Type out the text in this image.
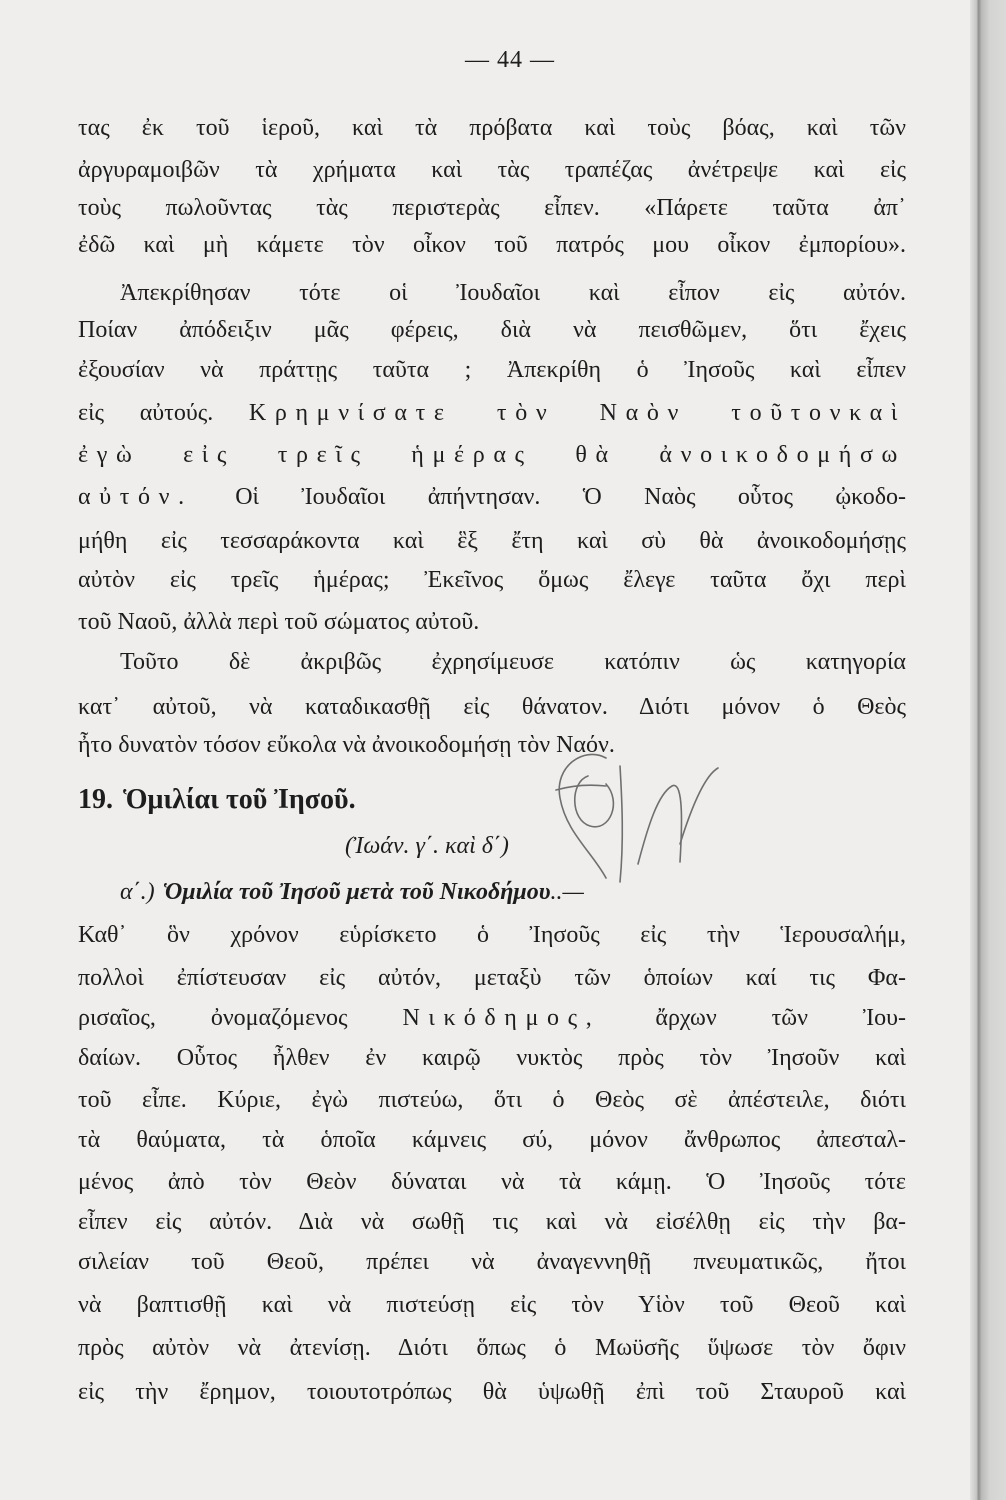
— 44 —
τας ἐκ τοῦ ἱεροῦ, καὶ τὰ πρόβατα καὶ τοὺς βόας, καὶ τῶν
ἀργυραμοιβῶν τὰ χρήματα καὶ τὰς τραπέζας ἀνέτρεψε καὶ εἰς
τοὺς πωλοῦντας τὰς περιστερὰς εἶπεν. «Πάρετε ταῦτα ἀπ᾽
ἐδῶ καὶ μὴ κάμετε τὸν οἶκον τοῦ πατρός μου οἶκον ἐμπορίου».
Ἀπεκρίθησαν τότε οἱ Ἰουδαῖοι καὶ εἶπον εἰς αὐτόν.
Ποίαν ἀπόδειξιν μᾶς φέρεις, διὰ νὰ πεισθῶμεν, ὅτι ἔχεις
ἐξουσίαν νὰ πράττῃς ταῦτα ; Ἀπεκρίθη ὁ Ἰησοῦς καὶ εἶπεν
εἰς αὐτούς. Κρημνίσατε τὸν Ναὸν τοῦτονκαὶ
ἐγὼ εἰς τρεῖς ἡμέρας θὰ ἀνοικοδομήσω
αὐτόν. Οἱ Ἰουδαῖοι ἀπήντησαν. Ὁ Ναὸς οὗτος ᾠκοδο-
μήθη εἰς τεσσαράκοντα καὶ ἓξ ἔτη καὶ σὺ θὰ ἀνοικοδομήσῃς
αὐτὸν εἰς τρεῖς ἡμέρας; Ἐκεῖνος ὅμως ἔλεγε ταῦτα ὄχι περὶ
τοῦ Ναοῦ, ἀλλὰ περὶ τοῦ σώματος αὐτοῦ.
Τοῦτο δὲ ἀκριβῶς ἐχρησίμευσε κατόπιν ὡς κατηγορία
κατ᾽ αὐτοῦ, νὰ καταδικασθῇ εἰς θάνατον. Διότι μόνον ὁ Θεὸς
ἦτο δυνατὸν τόσον εὔκολα νὰ ἀνοικοδομήσῃ τὸν Ναόν.
19. Ὁμιλίαι τοῦ Ἰησοῦ.
(Ἰωάν. γ΄. καὶ δ΄)
α΄.) Ὁμιλία τοῦ Ἰησοῦ μετὰ τοῦ Νικοδήμου..—
Καθ᾽ ὃν χρόνον εὑρίσκετο ὁ Ἰησοῦς εἰς τὴν Ἱερουσαλήμ,
πολλοὶ ἐπίστευσαν εἰς αὐτόν, μεταξὺ τῶν ὁποίων καί τις Φα-
ρισαῖος, ὀνομαζόμενος Νικόδημος, ἄρχων τῶν Ἰου-
δαίων. Οὗτος ἦλθεν ἐν καιρῷ νυκτὸς πρὸς τὸν Ἰησοῦν καὶ
τοῦ εἶπε. Κύριε, ἐγὼ πιστεύω, ὅτι ὁ Θεὸς σὲ ἀπέστειλε, διότι
τὰ θαύματα, τὰ ὁποῖα κάμνεις σύ, μόνον ἄνθρωπος ἀπεσταλ-
μένος ἀπὸ τὸν Θεὸν δύναται νὰ τὰ κάμῃ. Ὁ Ἰησοῦς τότε
εἶπεν εἰς αὐτόν. Διὰ νὰ σωθῇ τις καὶ νὰ εἰσέλθῃ εἰς τὴν βα-
σιλείαν τοῦ Θεοῦ, πρέπει νὰ ἀναγεννηθῇ πνευματικῶς, ἤτοι
νὰ βαπτισθῇ καὶ νὰ πιστεύσῃ εἰς τὸν Υἱὸν τοῦ Θεοῦ καὶ
πρὸς αὐτὸν νὰ ἀτενίσῃ. Διότι ὅπως ὁ Μωϋσῆς ὕψωσε τὸν ὄφιν
εἰς τὴν ἔρημον, τοιουτοτρόπως θὰ ὑψωθῇ ἐπὶ τοῦ Σταυροῦ καὶ
